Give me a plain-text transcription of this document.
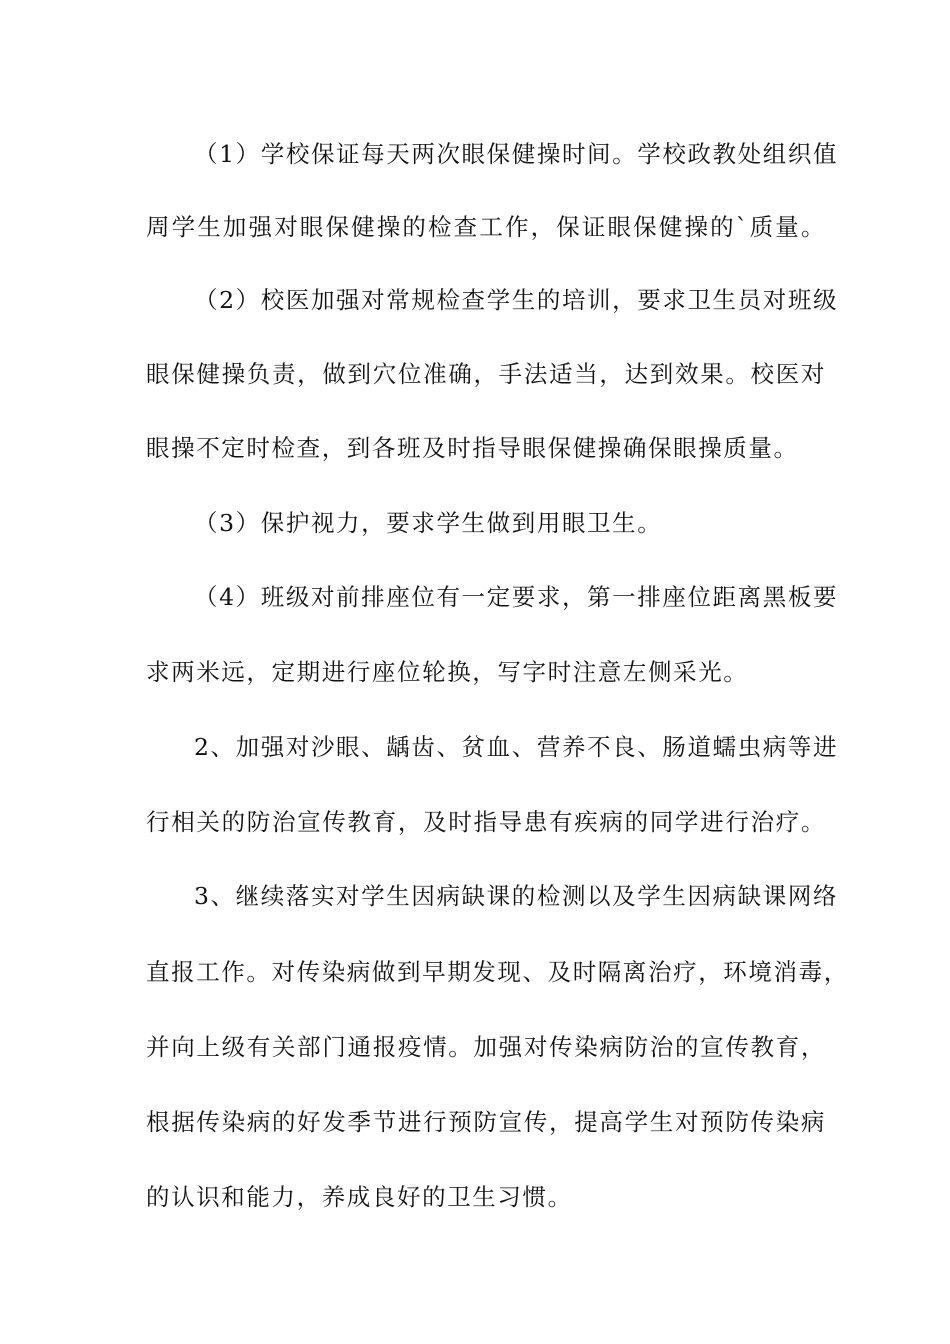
（1）学校保证每天两次眼保健操时间。学校政教处组织值
周学生加强对眼保健操的检查工作，保证眼保健操的`质量。
（2）校医加强对常规检查学生的培训，要求卫生员对班级
眼保健操负责，做到穴位准确，手法适当，达到效果。校医对
眼操不定时检查，到各班及时指导眼保健操确保眼操质量。
（3）保护视力，要求学生做到用眼卫生。
（4）班级对前排座位有一定要求，第一排座位距离黑板要
求两米远，定期进行座位轮换，写字时注意左侧采光。
2、加强对沙眼、龋齿、贫血、营养不良、肠道蠕虫病等进
行相关的防治宣传教育，及时指导患有疾病的同学进行治疗。
3、继续落实对学生因病缺课的检测以及学生因病缺课网络
直报工作。对传染病做到早期发现、及时隔离治疗，环境消毒，
并向上级有关部门通报疫情。加强对传染病防治的宣传教育，
根据传染病的好发季节进行预防宣传，提高学生对预防传染病
的认识和能力，养成良好的卫生习惯。
